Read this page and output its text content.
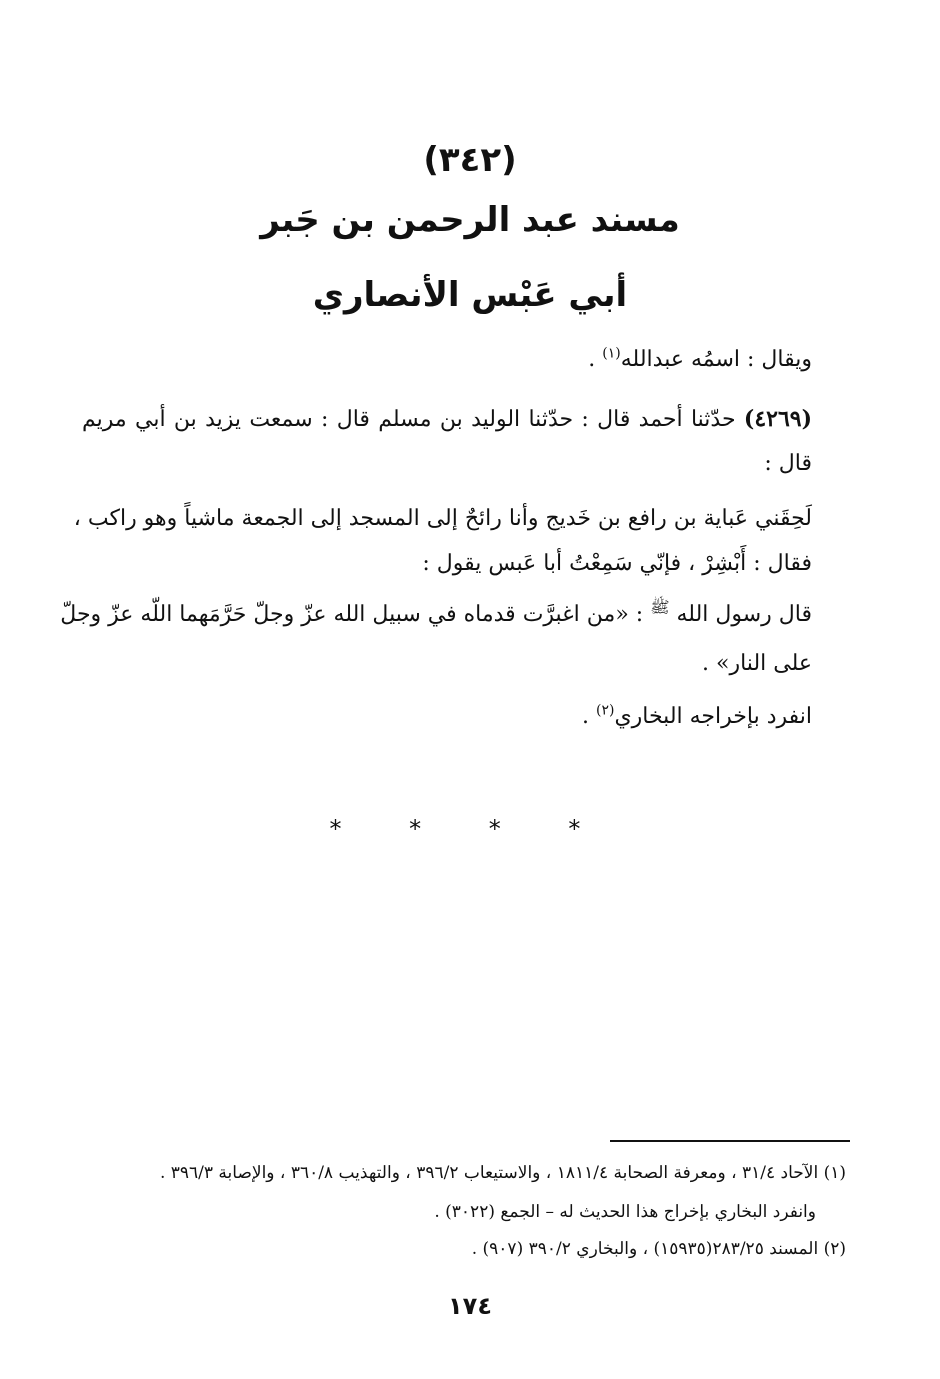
(٣٤٢)
مسند عبد الرحمن بن جَبر
أبي عَبْس الأنصاري
ويقال : اسمُه عبدالله$^{(١)}$ .
(٤٢٦٩) حدّثنا أحمد قال : حدّثنا الوليد بن مسلم قال : سمعت يزيد بن أبي مريم
قال :
لَحِقَني عَباية بن رافع بن خَديج وأنا رائحٌ إلى المسجد إلى الجمعة ماشياً وهو راكب ،
فقال : أَبْشِرْ ، فإنّي سَمِعْتُ أبا عَبس يقول :
قال رسول الله $^ﷺ$ : «من اغبرَّت قدماه في سبيل الله عزّ وجلّ حَرَّمَهما اللّه عزّ وجلّ
على النار» .
انفرد بإخراجه البخاري$^{(٢)}$ .
* * * *
(١) الآحاد ٣١/٤ ، ومعرفة الصحابة ١٨١١/٤ ، والاستيعاب ٣٩٦/٢ ، والتهذيب ٣٦٠/٨ ، والإصابة ٣٩٦/٣ .
وانفرد البخاري بإخراج هذا الحديث له – الجمع (٣٠٢٢) .
(٢) المسند ٢٨٣/٢٥(١٥٩٣٥) ، والبخاري ٣٩٠/٢ (٩٠٧) .
١٧٤
